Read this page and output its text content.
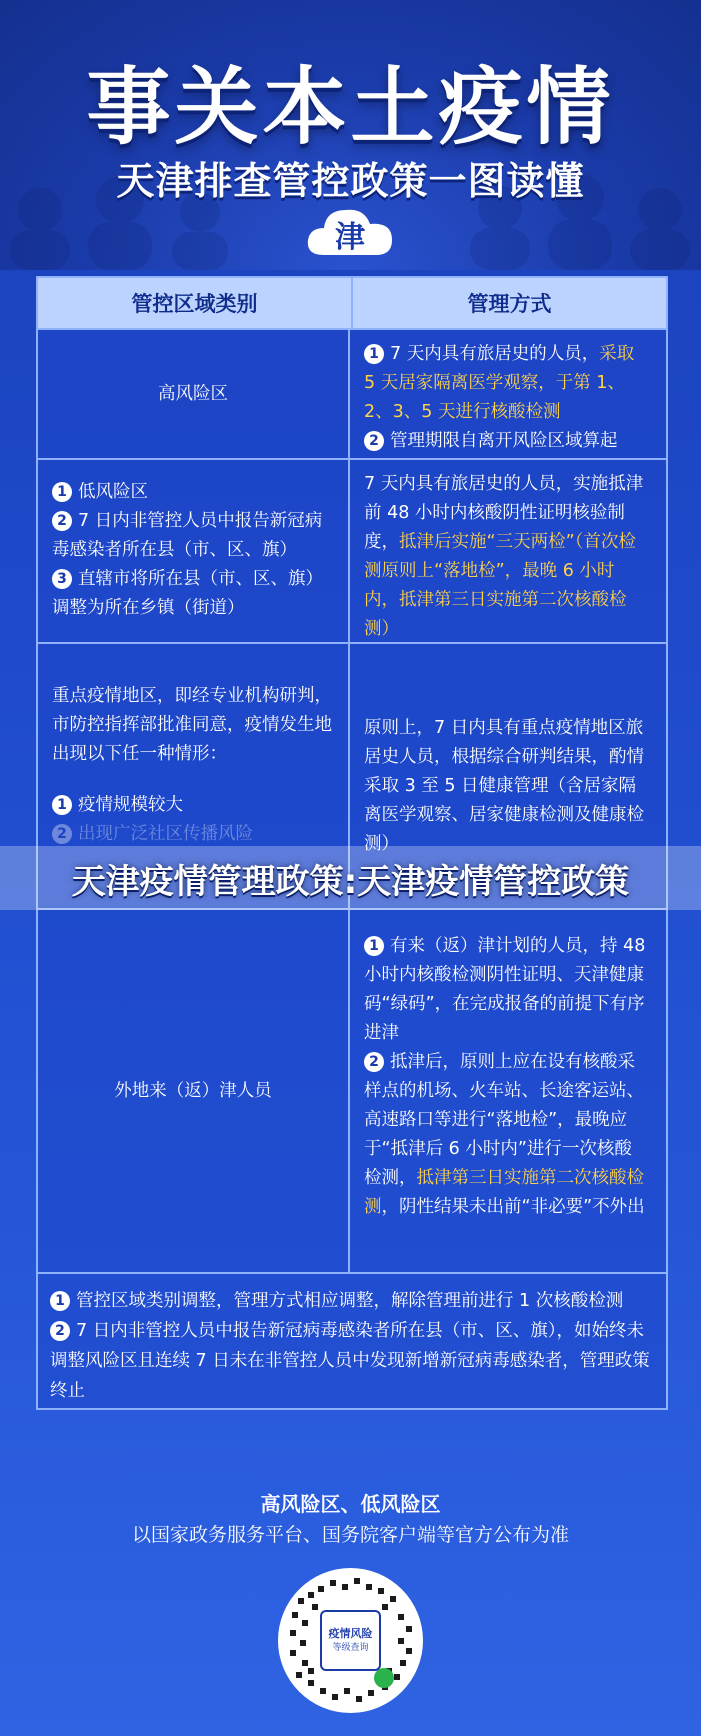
事关本土疫情
天津排查管控政策一图读懂
津
管控区域类别	管理方式
高风险区
1 7 天内具有旅居史的人员，采取 5 天居家隔离医学观察，于第 1、2、3、5 天进行核酸检测
2 管理期限自离开风险区域算起
1 低风险区
2 7 日内非管控人员中报告新冠病毒感染者所在县（市、区、旗）
3 直辖市将所在县（市、区、旗）调整为所在乡镇（街道）
7 天内具有旅居史的人员，实施抵津前 48 小时内核酸阴性证明核验制度，抵津后实施“三天两检”（首次检测原则上“落地检”，最晚 6 小时内，抵津第三日实施第二次核酸检测）
重点疫情地区，即经专业机构研判，市防控指挥部批准同意，疫情发生地出现以下任一种情形：
1 疫情规模较大
2 出现广泛社区传播风险
原则上，7 日内具有重点疫情地区旅居史人员，根据综合研判结果，酌情采取 3 至 5 日健康管理（含居家隔离医学观察、居家健康检测及健康检测）
外地来（返）津人员
1 有来（返）津计划的人员，持 48 小时内核酸检测阴性证明、天津健康码“绿码”，在完成报备的前提下有序进津
2 抵津后，原则上应在设有核酸采样点的机场、火车站、长途客运站、高速路口等进行“落地检”，最晚应于“抵津后 6 小时内”进行一次核酸检测，抵津第三日实施第二次核酸检测，阴性结果未出前“非必要”不外出
1 管控区域类别调整，管理方式相应调整，解除管理前进行 1 次核酸检测
2 7 日内非管控人员中报告新冠病毒感染者所在县（市、区、旗），如始终未调整风险区且连续 7 日未在非管控人员中发现新增新冠病毒感染者，管理政策终止
天津疫情管理政策:天津疫情管控政策
高风险区、低风险区
以国家政务服务平台、国务院客户端等官方公布为准
疫情风险
等级查询
